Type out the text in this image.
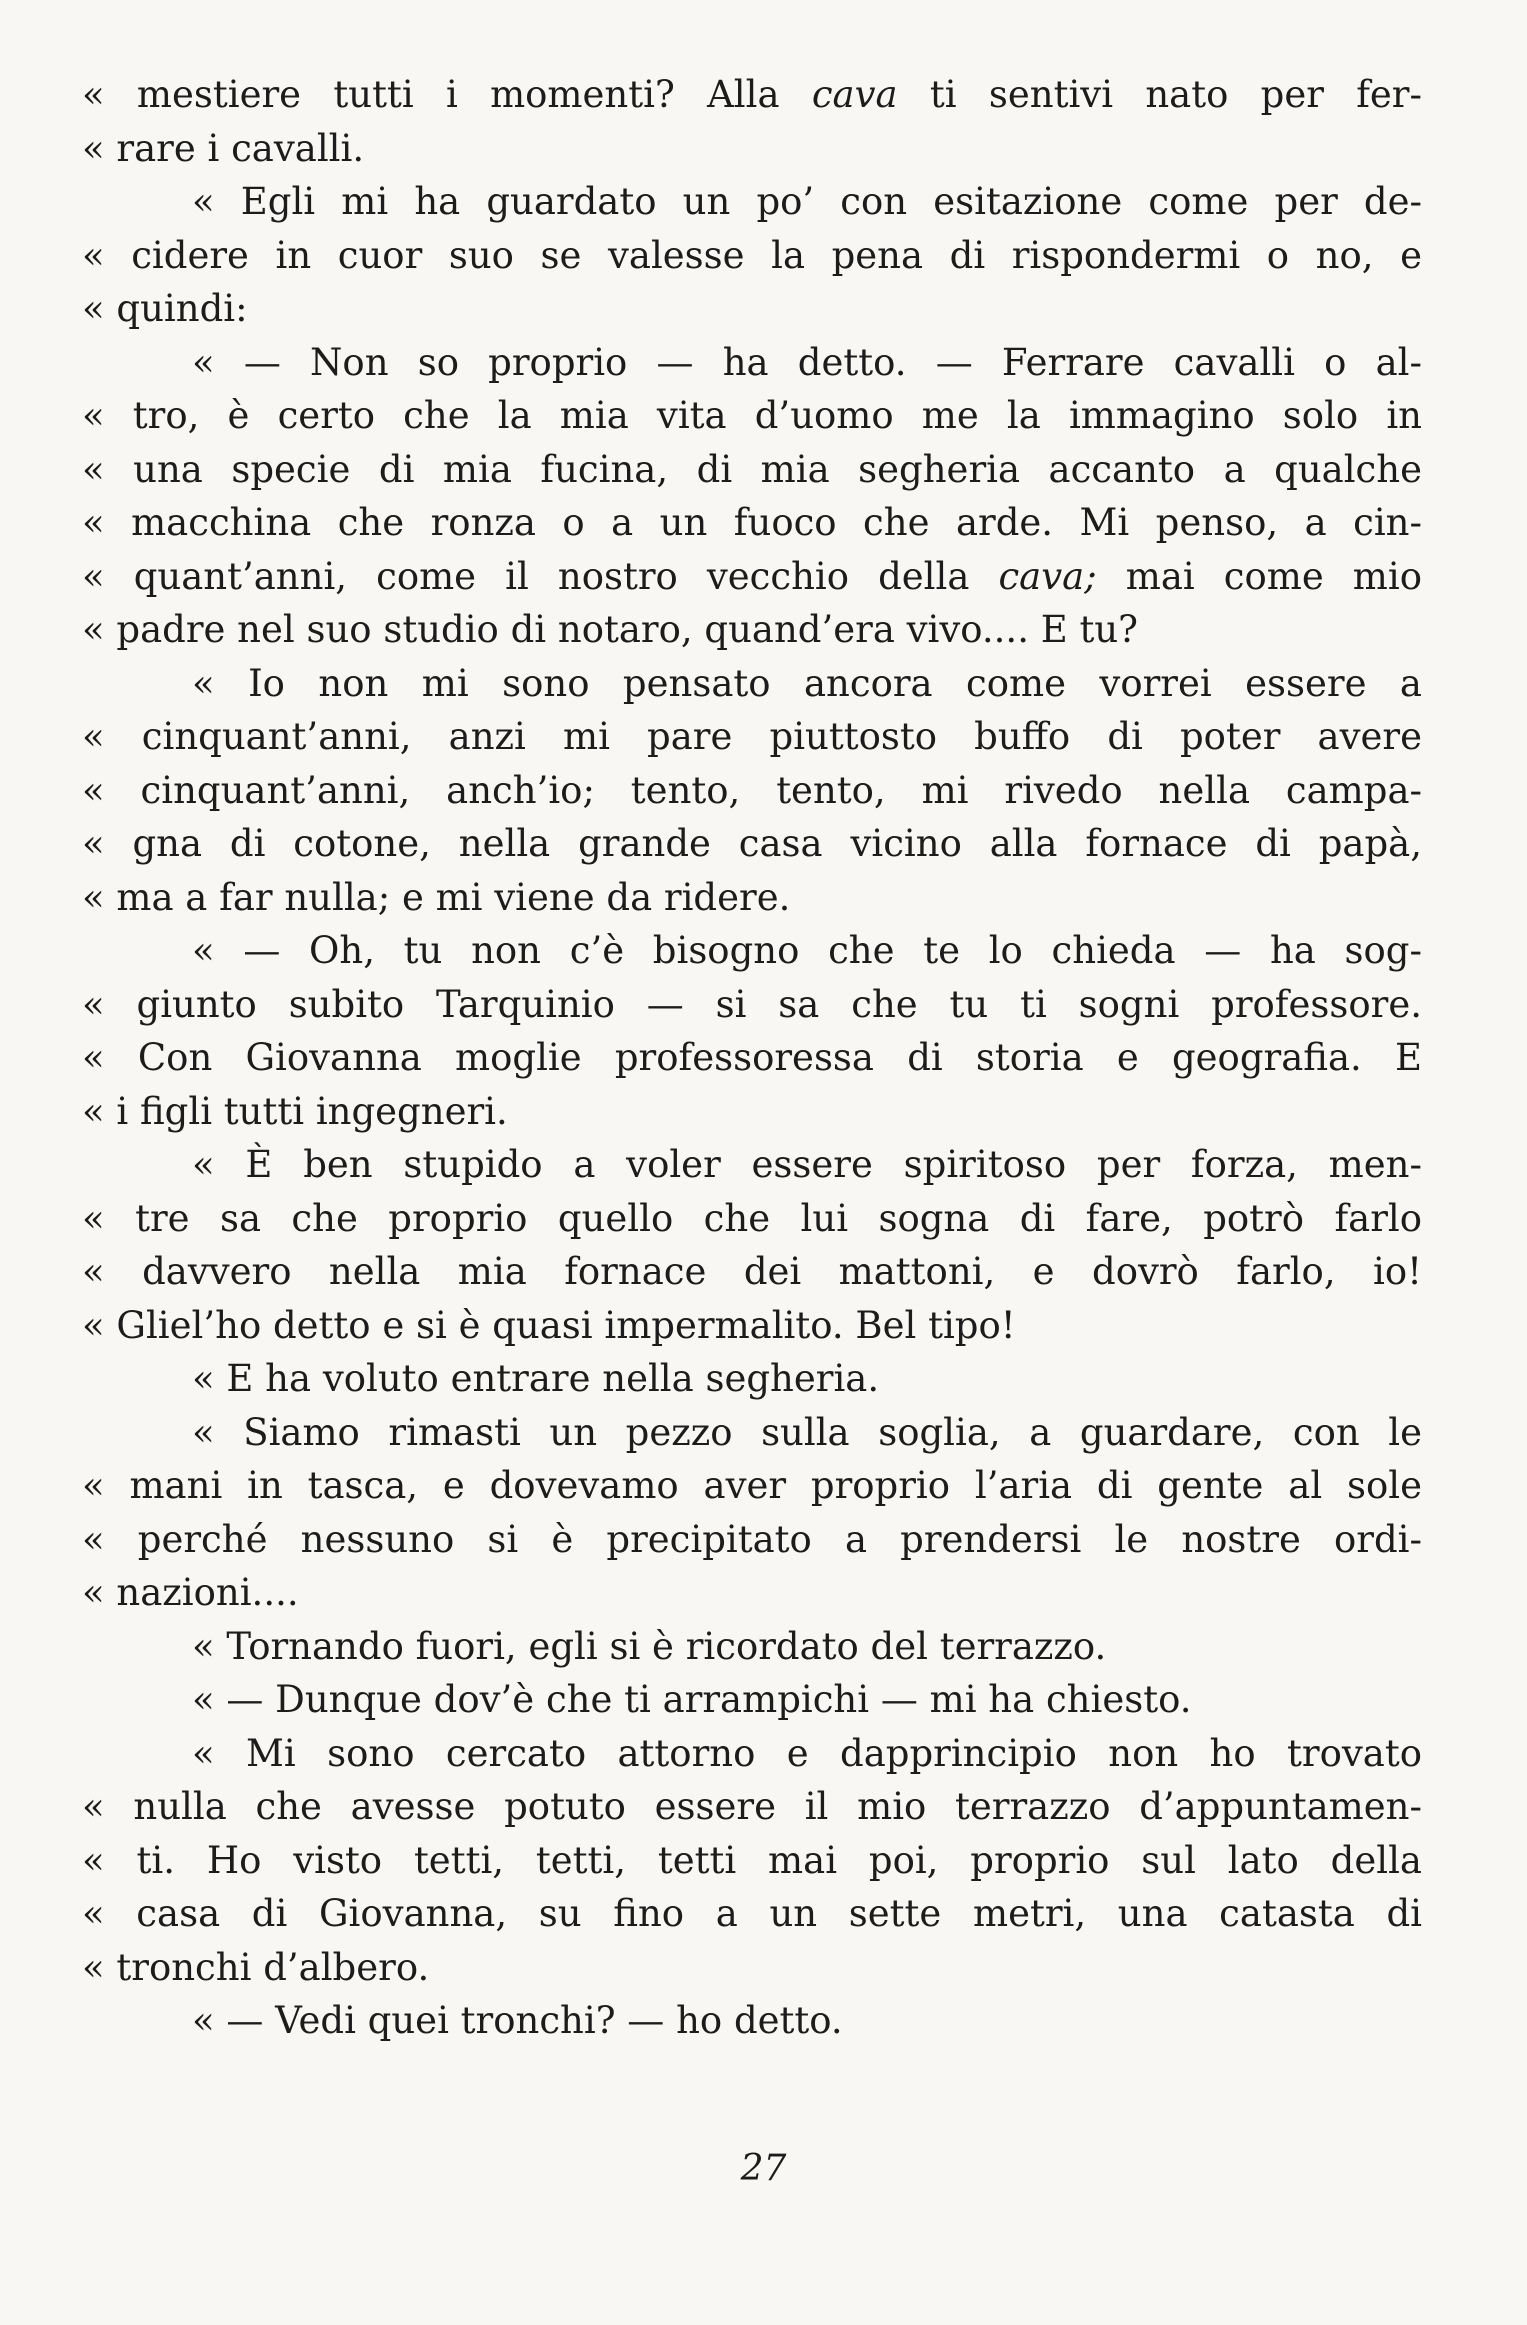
« mestiere tutti i momenti? Alla cava ti sentivi nato per fer-
« rare i cavalli.
« Egli mi ha guardato un po’ con esitazione come per de-
« cidere in cuor suo se valesse la pena di rispondermi o no, e
« quindi:
« — Non so proprio — ha detto. — Ferrare cavalli o al-
« tro, è certo che la mia vita d’uomo me la immagino solo in
« una specie di mia fucina, di mia segheria accanto a qualche
« macchina che ronza o a un fuoco che arde. Mi penso, a cin-
« quant’anni, come il nostro vecchio della cava; mai come mio
« padre nel suo studio di notaro, quand’era vivo.... E tu?
« Io non mi sono pensato ancora come vorrei essere a
« cinquant’anni, anzi mi pare piuttosto buffo di poter avere
« cinquant’anni, anch’io; tento, tento, mi rivedo nella campa-
« gna di cotone, nella grande casa vicino alla fornace di papà,
« ma a far nulla; e mi viene da ridere.
« — Oh, tu non c’è bisogno che te lo chieda — ha sog-
« giunto subito Tarquinio — si sa che tu ti sogni professore.
« Con Giovanna moglie professoressa di storia e geografia. E
« i figli tutti ingegneri.
« È ben stupido a voler essere spiritoso per forza, men-
« tre sa che proprio quello che lui sogna di fare, potrò farlo
« davvero nella mia fornace dei mattoni, e dovrò farlo, io!
« Gliel’ho detto e si è quasi impermalito. Bel tipo!
« E ha voluto entrare nella segheria.
« Siamo rimasti un pezzo sulla soglia, a guardare, con le
« mani in tasca, e dovevamo aver proprio l’aria di gente al sole
« perché nessuno si è precipitato a prendersi le nostre ordi-
« nazioni....
« Tornando fuori, egli si è ricordato del terrazzo.
« — Dunque dov’è che ti arrampichi — mi ha chiesto.
« Mi sono cercato attorno e dapprincipio non ho trovato
« nulla che avesse potuto essere il mio terrazzo d’appuntamen-
« ti. Ho visto tetti, tetti, tetti mai poi, proprio sul lato della
« casa di Giovanna, su fino a un sette metri, una catasta di
« tronchi d’albero.
« — Vedi quei tronchi? — ho detto.
27
